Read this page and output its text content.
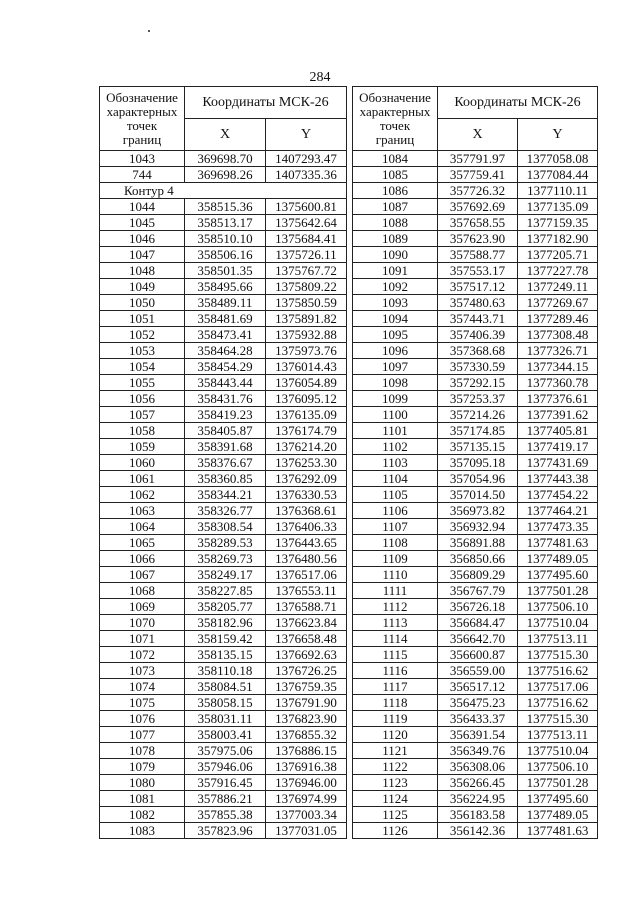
284
Обозначение
характерных
точек
границ	Координаты МСК-26	
	X	Y
1043	369698.70	1407293.47
744	369698.26	1407335.36
Контур 4		
1044	358515.36	1375600.81
1045	358513.17	1375642.64
1046	358510.10	1375684.41
1047	358506.16	1375726.11
1048	358501.35	1375767.72
1049	358495.66	1375809.22
1050	358489.11	1375850.59
1051	358481.69	1375891.82
1052	358473.41	1375932.88
1053	358464.28	1375973.76
1054	358454.29	1376014.43
1055	358443.44	1376054.89
1056	358431.76	1376095.12
1057	358419.23	1376135.09
1058	358405.87	1376174.79
1059	358391.68	1376214.20
1060	358376.67	1376253.30
1061	358360.85	1376292.09
1062	358344.21	1376330.53
1063	358326.77	1376368.61
1064	358308.54	1376406.33
1065	358289.53	1376443.65
1066	358269.73	1376480.56
1067	358249.17	1376517.06
1068	358227.85	1376553.11
1069	358205.77	1376588.71
1070	358182.96	1376623.84
1071	358159.42	1376658.48
1072	358135.15	1376692.63
1073	358110.18	1376726.25
1074	358084.51	1376759.35
1075	358058.15	1376791.90
1076	358031.11	1376823.90
1077	358003.41	1376855.32
1078	357975.06	1376886.15
1079	357946.06	1376916.38
1080	357916.45	1376946.00
1081	357886.21	1376974.99
1082	357855.38	1377003.34
1083	357823.96	1377031.05
Обозначение
характерных
точек
границ	Координаты МСК-26	
	X	Y
1084	357791.97	1377058.08
1085	357759.41	1377084.44
1086	357726.32	1377110.11
1087	357692.69	1377135.09
1088	357658.55	1377159.35
1089	357623.90	1377182.90
1090	357588.77	1377205.71
1091	357553.17	1377227.78
1092	357517.12	1377249.11
1093	357480.63	1377269.67
1094	357443.71	1377289.46
1095	357406.39	1377308.48
1096	357368.68	1377326.71
1097	357330.59	1377344.15
1098	357292.15	1377360.78
1099	357253.37	1377376.61
1100	357214.26	1377391.62
1101	357174.85	1377405.81
1102	357135.15	1377419.17
1103	357095.18	1377431.69
1104	357054.96	1377443.38
1105	357014.50	1377454.22
1106	356973.82	1377464.21
1107	356932.94	1377473.35
1108	356891.88	1377481.63
1109	356850.66	1377489.05
1110	356809.29	1377495.60
1111	356767.79	1377501.28
1112	356726.18	1377506.10
1113	356684.47	1377510.04
1114	356642.70	1377513.11
1115	356600.87	1377515.30
1116	356559.00	1377516.62
1117	356517.12	1377517.06
1118	356475.23	1377516.62
1119	356433.37	1377515.30
1120	356391.54	1377513.11
1121	356349.76	1377510.04
1122	356308.06	1377506.10
1123	356266.45	1377501.28
1124	356224.95	1377495.60
1125	356183.58	1377489.05
1126	356142.36	1377481.63
